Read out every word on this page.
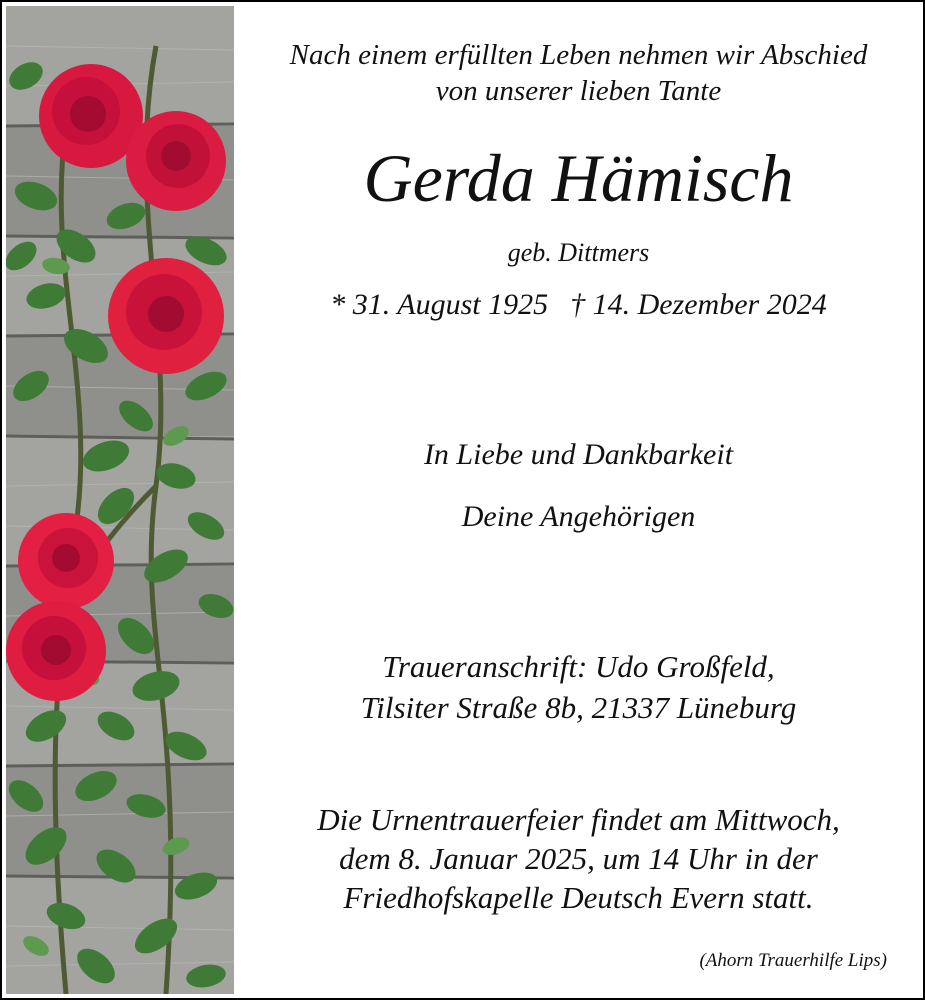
Nach einem erfüllten Leben nehmen wir Abschied
von unserer lieben Tante
Gerda Hämisch
geb. Dittmers
* 31. August 1925 † 14. Dezember 2024
In Liebe und Dankbarkeit
Deine Angehörigen
Traueranschrift: Udo Großfeld,
Tilsiter Straße 8b, 21337 Lüneburg
Die Urnentrauerfeier findet am Mittwoch,
dem 8. Januar 2025, um 14 Uhr in der
Friedhofskapelle Deutsch Evern statt.
(Ahorn Trauerhilfe Lips)
